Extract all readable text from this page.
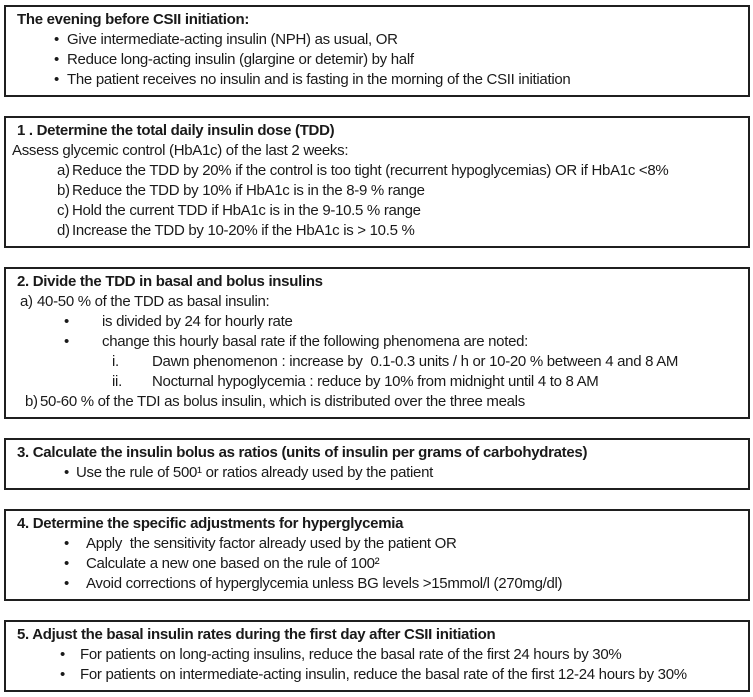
The evening before CSII initiation:
• Give intermediate-acting insulin (NPH) as usual, OR
• Reduce long-acting insulin (glargine or detemir) by half
• The patient receives no insulin and is fasting in the morning of the CSII initiation
1 . Determine the total daily insulin dose (TDD)
Assess glycemic control (HbA1c) of the last 2 weeks:
a) Reduce the TDD by 20% if the control is too tight (recurrent hypoglycemias) OR if HbA1c <8%
b) Reduce the TDD by 10% if HbA1c is in the 8-9 % range
c) Hold the current TDD if HbA1c is in the 9-10.5 % range
d) Increase the TDD by 10-20% if the HbA1c is > 10.5 %
2. Divide the TDD in basal and bolus insulins
a) 40-50 % of the TDD as basal insulin:
•	is divided by 24 for hourly rate
•	change this hourly basal rate if the following phenomena are noted:
i.	Dawn phenomenon : increase by  0.1-0.3 units / h or 10-20 % between 4 and 8 AM
ii.	Nocturnal hypoglycemia : reduce by 10% from midnight until 4 to 8 AM
b) 50-60 % of the TDI as bolus insulin, which is distributed over the three meals
3. Calculate the insulin bolus as ratios (units of insulin per grams of carbohydrates)
• Use the rule of 500¹ or ratios already used by the patient
4. Determine the specific adjustments for hyperglycemia
•	Apply  the sensitivity factor already used by the patient OR
•	Calculate a new one based on the rule of 100²
•	Avoid corrections of hyperglycemia unless BG levels >15mmol/l (270mg/dl)
5. Adjust the basal insulin rates during the first day after CSII initiation
•	For patients on long-acting insulins, reduce the basal rate of the first 24 hours by 30%
•	For patients on intermediate-acting insulin, reduce the basal rate of the first 12-24 hours by 30%
